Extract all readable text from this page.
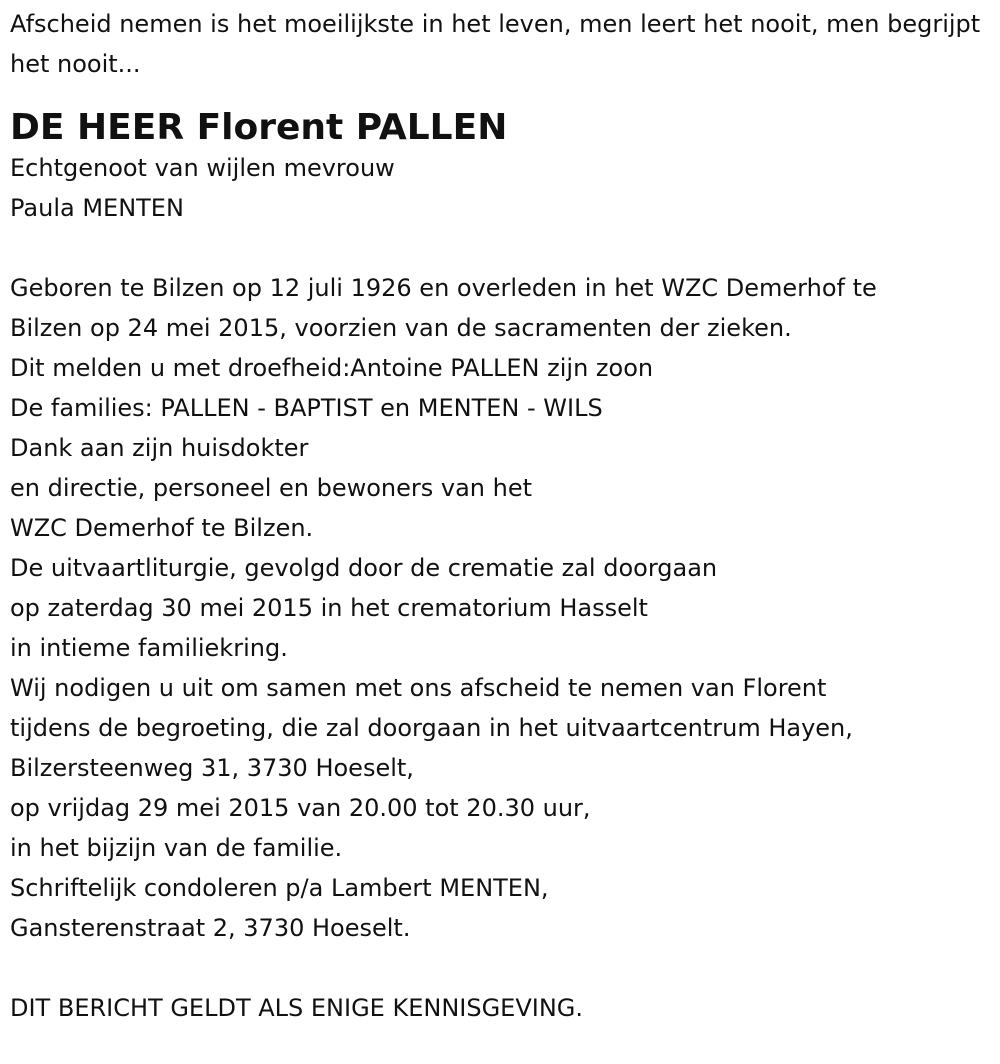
Afscheid nemen is het moeilijkste in het leven, men leert het nooit, men begrijpt het nooit...

DE HEER Florent PALLEN

Echtgenoot van wijlen mevrouw

Paula MENTEN

Geboren te Bilzen op 12 juli 1926 en overleden in het WZC Demerhof te

Bilzen op 24 mei 2015, voorzien van de sacramenten der zieken.

Dit melden u met droefheid:Antoine PALLEN zijn zoon

De families: PALLEN - BAPTIST en MENTEN - WILS

Dank aan zijn huisdokter

en directie, personeel en bewoners van het

WZC Demerhof te Bilzen.

De uitvaartliturgie, gevolgd door de crematie zal doorgaan

op zaterdag 30 mei 2015 in het crematorium Hasselt

in intieme familiekring.

Wij nodigen u uit om samen met ons afscheid te nemen van Florent

tijdens de begroeting, die zal doorgaan in het uitvaartcentrum Hayen,

Bilzersteenweg 31, 3730 Hoeselt,

op vrijdag 29 mei 2015 van 20.00 tot 20.30 uur,

in het bijzijn van de familie.

Schriftelijk condoleren p/a Lambert MENTEN,

Gansterenstraat 2, 3730 Hoeselt.

DIT BERICHT GELDT ALS ENIGE KENNISGEVING.
